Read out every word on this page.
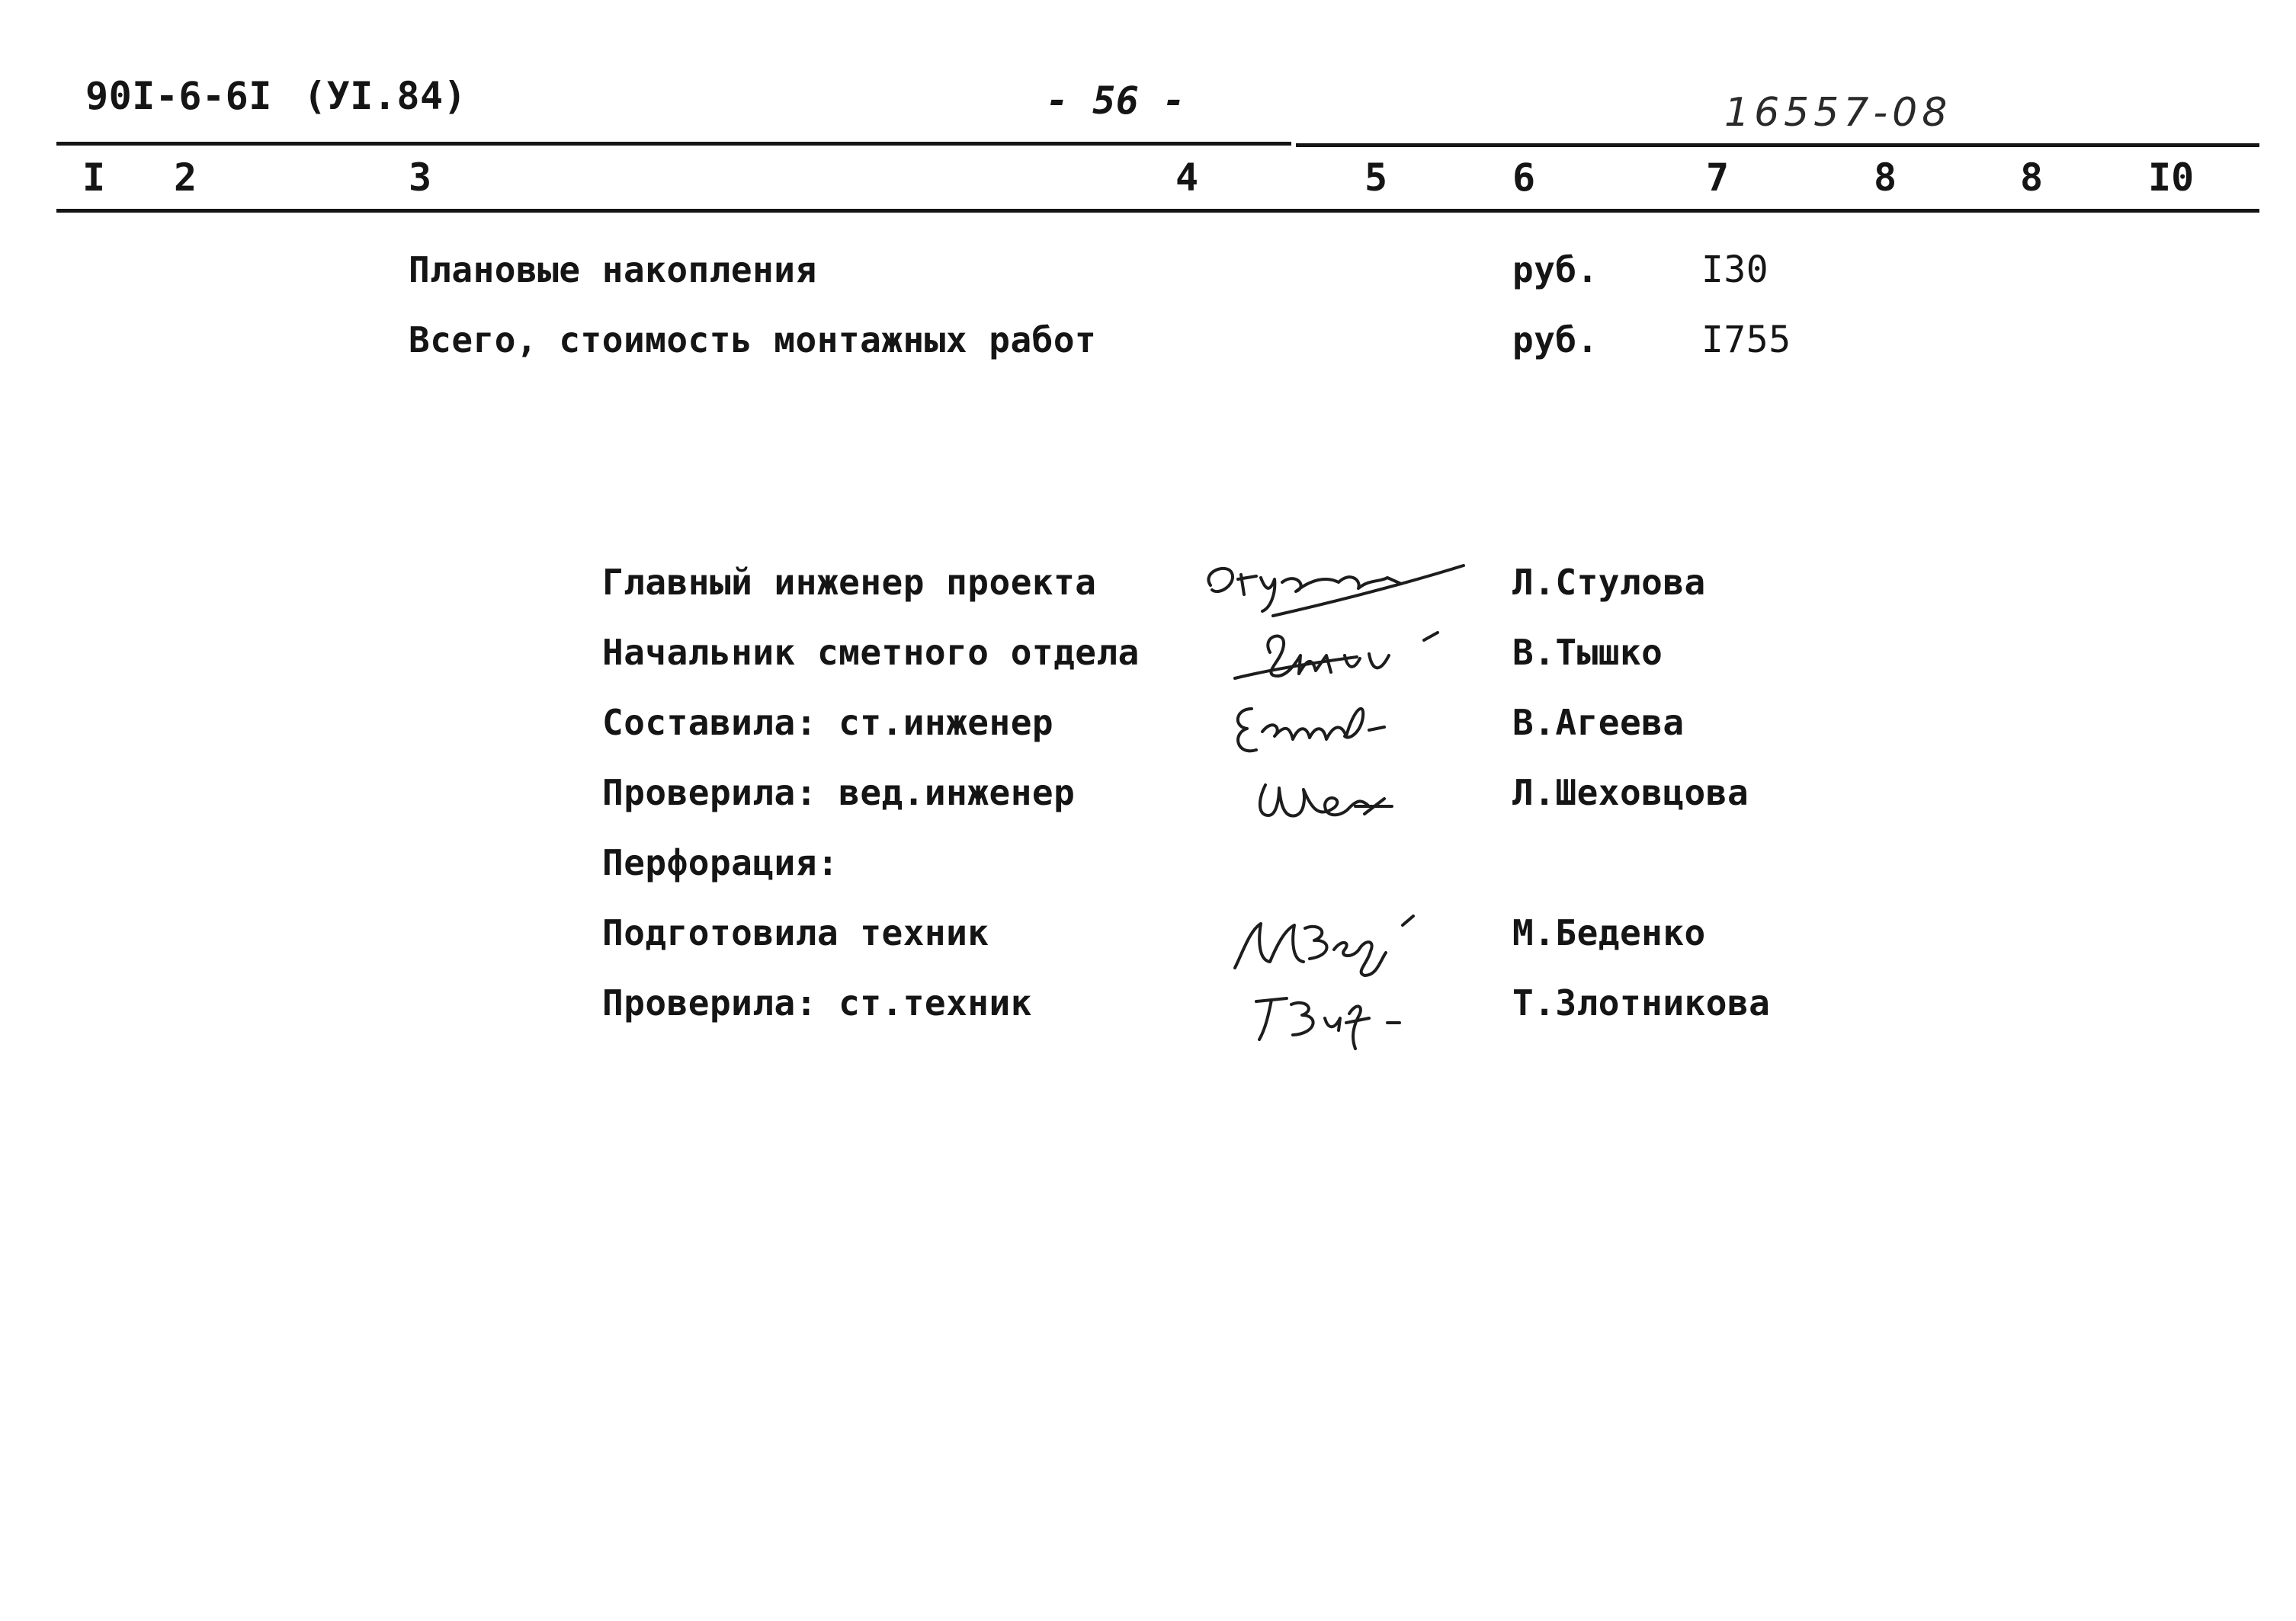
90I-6-6I (УI.84)	- 56 -	16557-08
I 2	3	4	5	6	7	8	8	I0
Плановые накопления	руб.	I30
Всего, стоимость монтажных работ	руб.	I755
Главный инженер проекта	Л.Стулова
Начальник сметного отдела	В.Тышко
Составила: ст.инженер	В.Агеева
Проверила: вед.инженер	Л.Шеховцова
Перфорация:
Подготовила техник	М.Беденко
Проверила: ст.техник	Т.Злотникова
